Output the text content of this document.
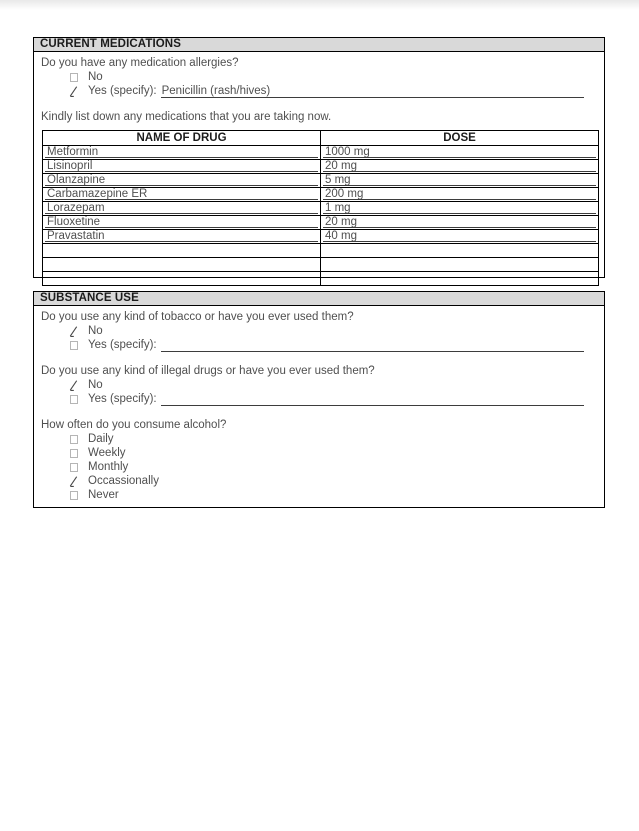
CURRENT MEDICATIONS

Do you have any medication allergies?

No
Yes (specify): Penicillin (rash/hives)

Kindly list down any medications that you are taking now.

NAME OF DRUG	DOSE

Metformin	1000 mg

Lisinopril	20 mg

Olanzapine	5 mg

Carbamazepine ER	200 mg

Lorazepam	1 mg

Fluoxetine	20 mg

Pravastatin	40 mg

SUBSTANCE USE

Do you use any kind of tobacco or have you ever used them?

No
Yes (specify):

Do you use any kind of illegal drugs or have you ever used them?

No
Yes (specify):

How often do you consume alcohol?

Daily
Weekly
Monthly
Occassionally
Never
